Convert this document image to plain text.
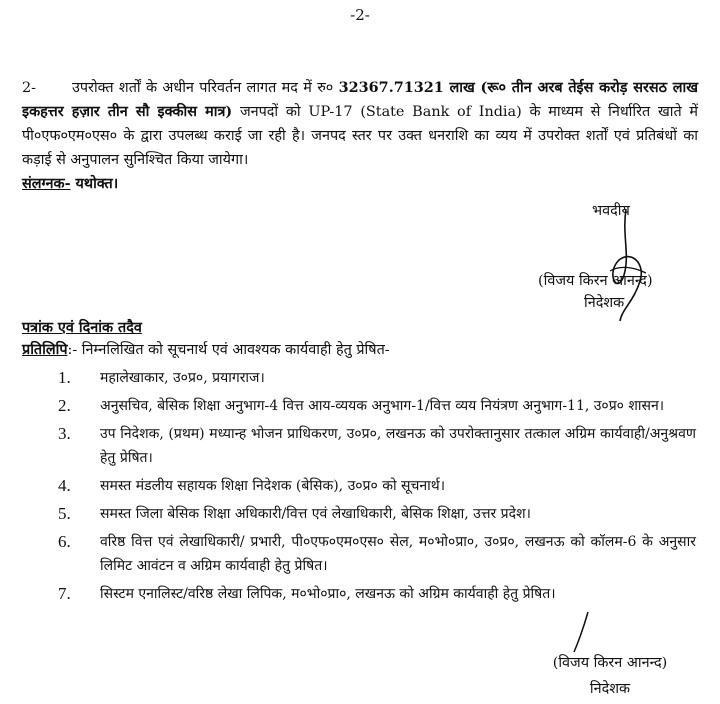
-2-
2- उपरोक्त शर्तों के अधीन परिवर्तन लागत मद में रु० 32367.71321 लाख (रू० तीन अरब तेईस करोड़ सरसठ लाख इकहत्तर हज़ार तीन सौ इक्कीस मात्र) जनपदों को UP-17 (State Bank of India) के माध्यम से निर्धारित खाते में पी०एफ०एम०एस० के द्वारा उपलब्ध कराई जा रही है। जनपद स्तर पर उक्त धनराशि का व्यय में उपरोक्त शर्तों एवं प्रतिबंधों का कड़ाई से अनुपालन सुनिश्चित किया जायेगा।
संलग्नक- यथोक्त।
भवदीय
(विजय किरन आनन्द)
निदेशक
पत्रांक एवं दिनांक तदैव
प्रतिलिपि:- निम्नलिखित को सूचनार्थ एवं आवश्यक कार्यवाही हेतु प्रेषित-
1. महालेखाकार, उ०प्र०, प्रयागराज।
2. अनुसचिव, बेसिक शिक्षा अनुभाग-4 वित्त आय-व्ययक अनुभाग-1/वित्त व्यय नियंत्रण अनुभाग-11, उ०प्र० शासन।
3. उप निदेशक, (प्रथम) मध्यान्ह भोजन प्राधिकरण, उ०प्र०, लखनऊ को उपरोक्तानुसार तत्काल अग्रिम कार्यवाही/अनुश्रवण हेतु प्रेषित।
4. समस्त मंडलीय सहायक शिक्षा निदेशक (बेसिक), उ०प्र० को सूचनार्थ।
5. समस्त जिला बेसिक शिक्षा अधिकारी/वित्त एवं लेखाधिकारी, बेसिक शिक्षा, उत्तर प्रदेश।
6. वरिष्ठ वित्त एवं लेखाधिकारी/ प्रभारी, पी०एफ०एम०एस० सेल, म०भो०प्रा०, उ०प्र०, लखनऊ को कॉलम-6 के अनुसार लिमिट आवंटन व अग्रिम कार्यवाही हेतु प्रेषित।
7. सिस्टम एनालिस्ट/वरिष्ठ लेखा लिपिक, म०भो०प्रा०, लखनऊ को अग्रिम कार्यवाही हेतु प्रेषित।
(विजय किरन आनन्द)
निदेशक
